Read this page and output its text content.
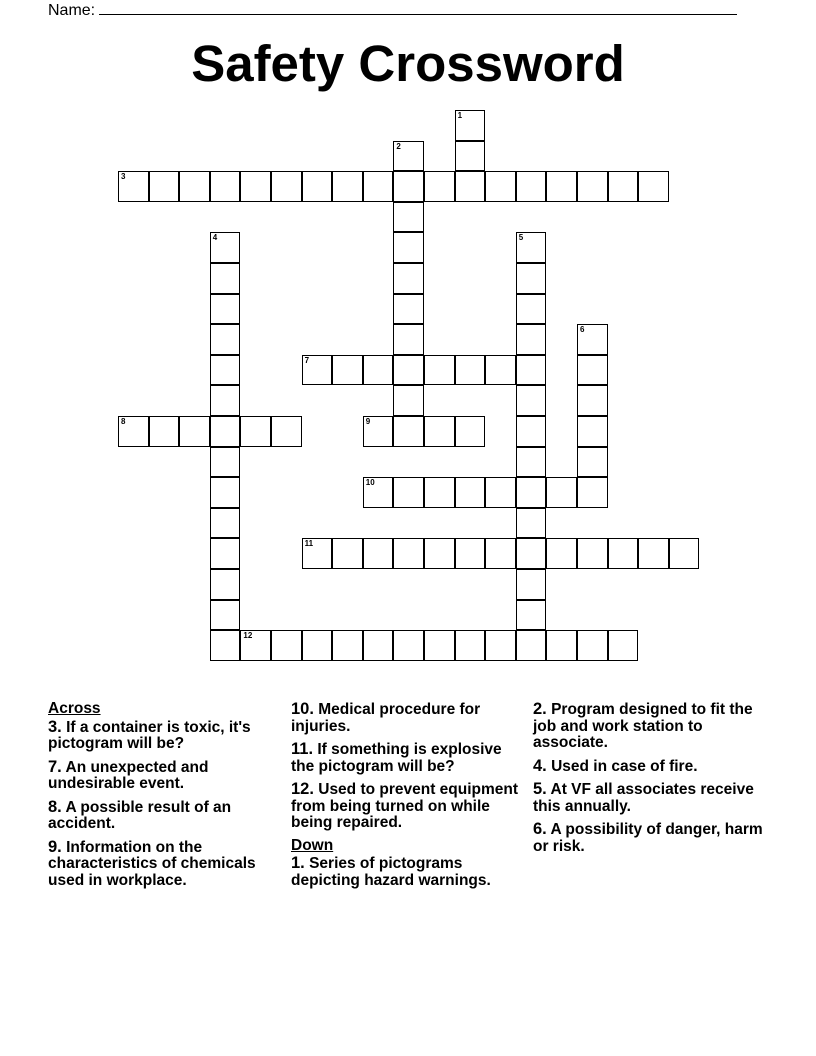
Name:
Safety Crossword
1
2
3
4	5
6
7
8	9
10
11
12
Across
3. If a container is toxic, it's pictogram will be?
7. An unexpected and undesirable event.
8. A possible result of an accident.
9. Information on the characteristics of chemicals used in workplace.
10. Medical procedure for injuries.
11. If something is explosive the pictogram will be?
12. Used to prevent equipment from being turned on while being repaired.
Down
1. Series of pictograms depicting hazard warnings.
2. Program designed to fit the job and work station to associate.
4. Used in case of fire.
5. At VF all associates receive this annually.
6. A possibility of danger, harm or risk.
